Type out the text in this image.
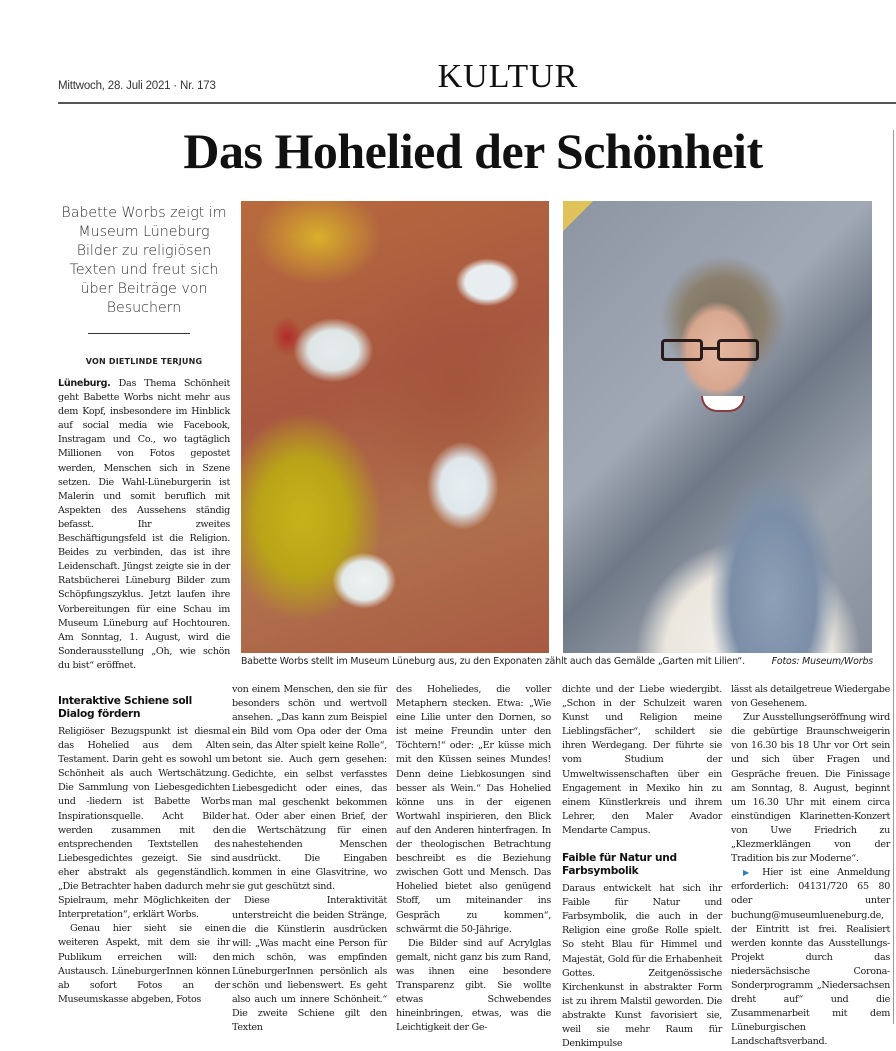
Mittwoch, 28. Juli 2021 · Nr. 173	KULTUR
Das Hohelied der Schönheit
Babette Worbs zeigt im Museum Lüneburg Bilder zu religiösen Texten und freut sich über Beiträge von Besuchern
VON DIETLINDE TERJUNG
Babette Worbs stellt im Museum Lüneburg aus, zu den Exponaten zählt auch das Gemälde „Garten mit Lilien“.	Fotos: Museum/Worbs

Lüneburg. Das Thema Schönheit geht Babette Worbs nicht mehr aus dem Kopf, insbesondere im Hinblick auf social media wie Facebook, Instragam und Co., wo tagtäglich Millionen von Fotos gepostet werden, Menschen sich in Szene setzen. Die Wahl-Lüneburgerin ist Malerin und somit beruflich mit Aspekten des Aussehens ständig befasst. Ihr zweites Beschäftigungsfeld ist die Religion. Beides zu verbinden, das ist ihre Leidenschaft. Jüngst zeigte sie in der Ratsbücherei Lüneburg Bilder zum Schöpfungszyklus. Jetzt laufen ihre Vorbereitungen für eine Schau im Museum Lüneburg auf Hochtouren. Am Sonntag, 1. August, wird die Sonderausstellung „Oh, wie schön du bist“ eröffnet.

Interaktive Schiene soll Dialog fördern

Religiöser Bezugspunkt ist diesmal das Hohelied aus dem Alten Testament. Darin geht es sowohl um Schönheit als auch Wertschätzung. Die Sammlung von Liebesgedichten und -liedern ist Babette Worbs Inspirationsquelle. Acht Bilder werden zusammen mit den entsprechenden Textstellen des Liebesgedichtes gezeigt. Sie sind eher abstrakt als gegenständlich. „Die Betrachter haben dadurch mehr Spielraum, mehr Möglichkeiten der Interpretation“, erklärt Worbs.

Genau hier sieht sie einen weiteren Aspekt, mit dem sie ihr Publikum erreichen will: den Austausch. LüneburgerInnen können ab sofort Fotos an der Museumskasse abgeben, Fotos

von einem Menschen, den sie für besonders schön und wertvoll ansehen. „Das kann zum Beispiel ein Bild vom Opa oder der Oma sein, das Alter spielt keine Rolle“, betont sie. Auch gern gesehen: Gedichte, ein selbst verfasstes Liebesgedicht oder eines, das man mal geschenkt bekommen hat. Oder aber einen Brief, der die Wertschätzung für einen nahestehenden Menschen ausdrückt. Die Eingaben kommen in eine Glasvitrine, wo sie gut geschützt sind.

Diese Interaktivität unterstreicht die beiden Stränge, die die Künstlerin ausdrücken will: „Was macht eine Person für mich schön, was empfinden LüneburgerInnen persönlich als schön und liebenswert. Es geht also auch um innere Schönheit.“ Die zweite Schiene gilt den Texten

des Hoheliedes, die voller Metaphern stecken. Etwa: „Wie eine Lilie unter den Dornen, so ist meine Freundin unter den Töchtern!“ oder: „Er küsse mich mit den Küssen seines Mundes! Denn deine Liebkosungen sind besser als Wein.“ Das Hohelied könne uns in der eigenen Wortwahl inspirieren, den Blick auf den Anderen hinterfragen. In der theologischen Betrachtung beschreibt es die Beziehung zwischen Gott und Mensch. Das Hohelied bietet also genügend Stoff, um miteinander ins Gespräch zu kommen“, schwärmt die 50-Jährige.

Die Bilder sind auf Acrylglas gemalt, nicht ganz bis zum Rand, was ihnen eine besondere Transparenz gibt. Sie wollte etwas Schwebendes hineinbringen, etwas, was die Leichtigkeit der Ge-

dichte und der Liebe wiedergibt. „Schon in der Schulzeit waren Kunst und Religion meine Lieblingsfächer“, schildert sie ihren Werdegang. Der führte sie vom Studium der Umweltwissenschaften über ein Engagement in Mexiko hin zu einem Künstlerkreis und ihrem Lehrer, den Maler Avador Mendarte Campus.

Faible für Natur und Farbsymbolik

Daraus entwickelt hat sich ihr Faible für Natur und Farbsymbolik, die auch in der Religion eine große Rolle spielt. So steht Blau für Himmel und Majestät, Gold für die Erhabenheit Gottes. Zeitgenössische Kirchenkunst in abstrakter Form ist zu ihrem Malstil geworden. Die abstrakte Kunst favorisiert sie, weil sie mehr Raum für Denkimpulse

lässt als detailgetreue Wiedergabe von Gesehenem.

Zur Ausstellungseröffnung wird die gebürtige Braunschweigerin von 16.30 bis 18 Uhr vor Ort sein und sich über Fragen und Gespräche freuen. Die Finissage am Sonntag, 8. August, beginnt um 16.30 Uhr mit einem circa einstündigen Klarinetten-Konzert von Uwe Friedrich zu „Klezmerklängen von der Tradition bis zur Moderne“.

▶ Hier ist eine Anmeldung erforderlich: 04131/720 65 80 oder unter buchung@museumlueneburg.de, der Eintritt ist frei. Realisiert werden konnte das Ausstellungs-Projekt durch das niedersächsische Corona-Sonderprogramm „Niedersachsen dreht auf“ und die Zusammenarbeit mit dem Lüneburgischen Landschaftsverband.
